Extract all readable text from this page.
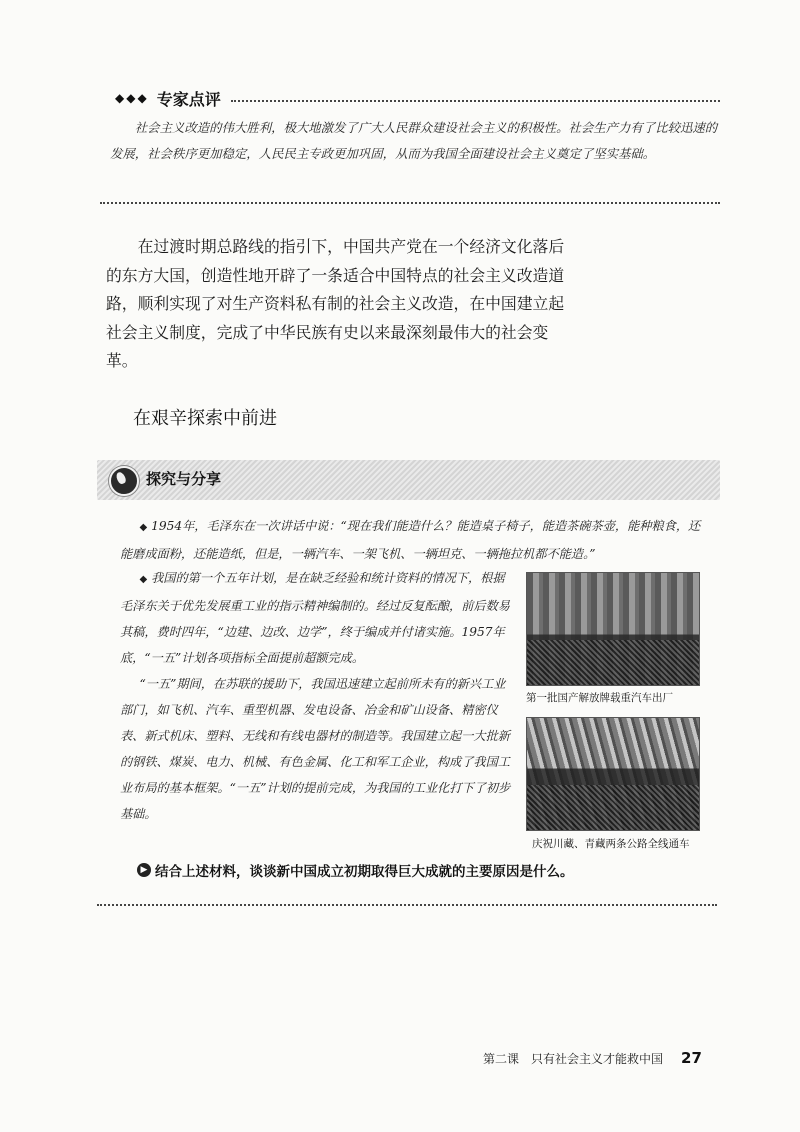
◆◆◆ 专家点评
社会主义改造的伟大胜利，极大地激发了广大人民群众建设社会主义的积极性。社会生产力有了比较迅速的发展，社会秩序更加稳定，人民民主专政更加巩固，从而为我国全面建设社会主义奠定了坚实基础。

在过渡时期总路线的指引下，中国共产党在一个经济文化落后的东方大国，创造性地开辟了一条适合中国特点的社会主义改造道路，顺利实现了对生产资料私有制的社会主义改造，在中国建立起社会主义制度，完成了中华民族有史以来最深刻最伟大的社会变革。

在艰辛探索中前进
探究与分享

◆ 1954年，毛泽东在一次讲话中说：“现在我们能造什么？能造桌子椅子，能造茶碗茶壶，能种粮食，还能磨成面粉，还能造纸，但是，一辆汽车、一架飞机、一辆坦克、一辆拖拉机都不能造。”

◆ 我国的第一个五年计划，是在缺乏经验和统计资料的情况下，根据毛泽东关于优先发展重工业的指示精神编制的。经过反复酝酿，前后数易其稿，费时四年，“边建、边改、边学”，终于编成并付诸实施。1957年底，“一五”计划各项指标全面提前超额完成。

“一五”期间，在苏联的援助下，我国迅速建立起前所未有的新兴工业部门，如飞机、汽车、重型机器、发电设备、冶金和矿山设备、精密仪表、新式机床、塑料、无线和有线电器材的制造等。我国建立起一大批新的钢铁、煤炭、电力、机械、有色金属、化工和军工企业，构成了我国工业布局的基本框架。“一五”计划的提前完成，为我国的工业化打下了初步基础。

第一批国产解放牌载重汽车出厂
庆祝川藏、青藏两条公路全线通车
▶ 结合上述材料，谈谈新中国成立初期取得巨大成就的主要原因是什么。
第二课　只有社会主义才能救中国 27
